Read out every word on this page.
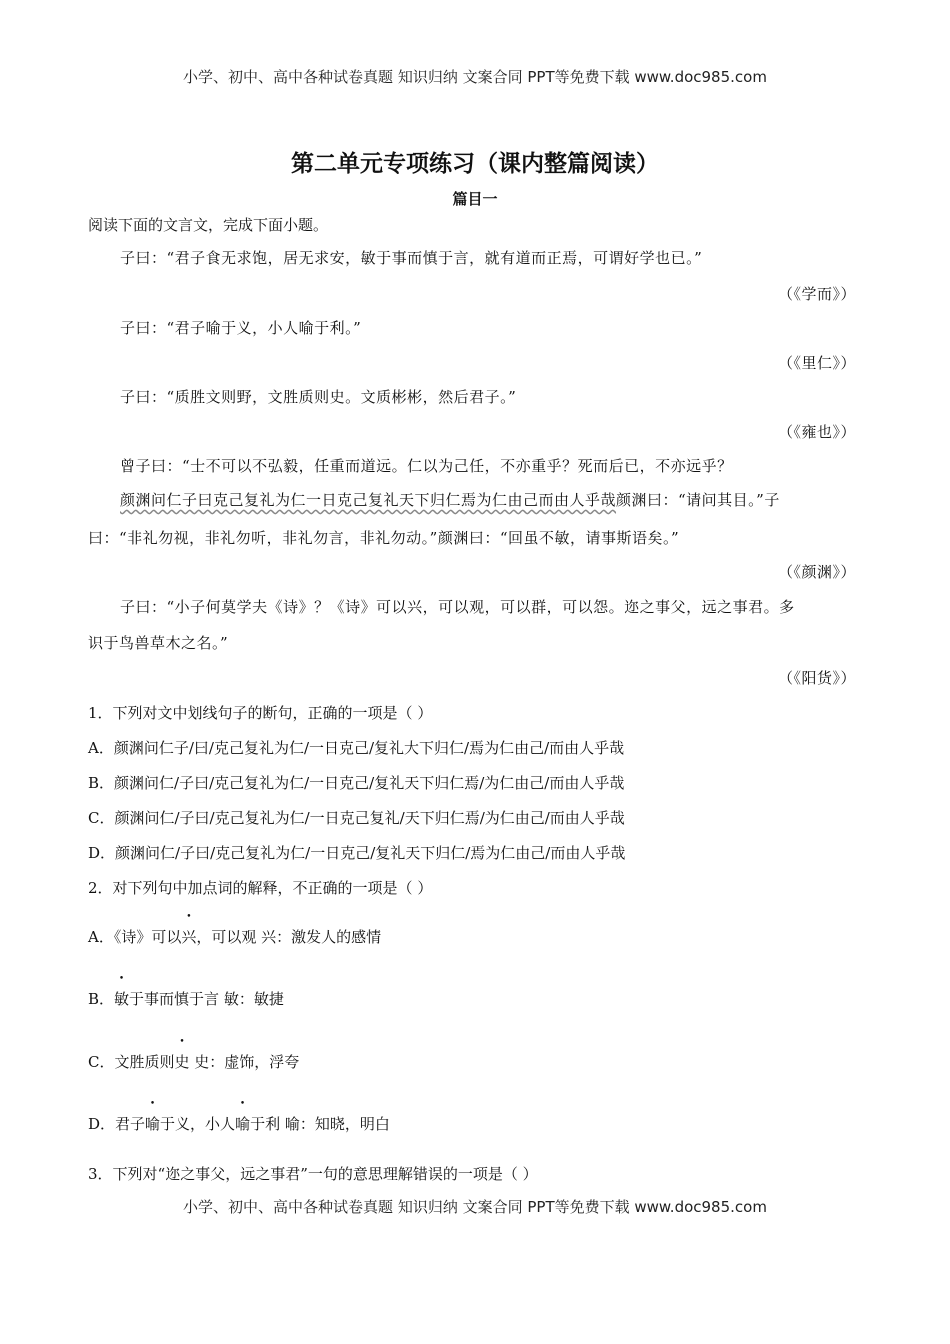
小学、初中、高中各种试卷真题 知识归纳 文案合同 PPT等免费下载 www.doc985.com
第二单元专项练习（课内整篇阅读）
篇目一
阅读下面的文言文，完成下面小题。
子曰：“君子食无求饱，居无求安，敏于事而慎于言，就有道而正焉，可谓好学也已。”
（《学而》）
子曰：“君子喻于义，小人喻于利。”
（《里仁》）
子曰：“质胜文则野，文胜质则史。文质彬彬，然后君子。”
（《雍也》）
曾子曰：“士不可以不弘毅，任重而道远。仁以为己任，不亦重乎？死而后已，不亦远乎？
颜渊问仁子曰克己复礼为仁一日克己复礼天下归仁焉为仁由己而由人乎哉颜渊曰：“请问其目。”子
曰：“非礼勿视，非礼勿听，非礼勿言，非礼勿动。”颜渊曰：“回虽不敏，请事斯语矣。”
（《颜渊》）
子曰：“小子何莫学夫《诗》？《诗》可以兴，可以观，可以群，可以怨。迩之事父，远之事君。多
识于鸟兽草木之名。”
（《阳货》）
1．下列对文中划线句子的断句，正确的一项是（ ）
A．颜渊问仁子/曰/克己复礼为仁/一日克己/复礼大下归仁/焉为仁由己/而由人乎哉
B．颜渊问仁/子曰/克己复礼为仁/一日克己/复礼天下归仁焉/为仁由己/而由人乎哉
C．颜渊问仁/子曰/克己复礼为仁/一日克己复礼/天下归仁焉/为仁由己/而由人乎哉
D．颜渊问仁/子曰/克己复礼为仁/一日克己/复礼天下归仁/焉为仁由己/而由人乎哉
2．对下列句中加点词的解释，不正确的一项是（ ）
A．《诗》可以兴，可以观 兴：激发人的感情
B．敏于事而慎于言 敏：敏捷
C．文胜质则史 史：虚饰，浮夸
D．君子喻于义，小人喻于利 喻：知晓，明白
3．下列对“迩之事父，远之事君”一句的意思理解错误的一项是（ ）
小学、初中、高中各种试卷真题 知识归纳 文案合同 PPT等免费下载 www.doc985.com
